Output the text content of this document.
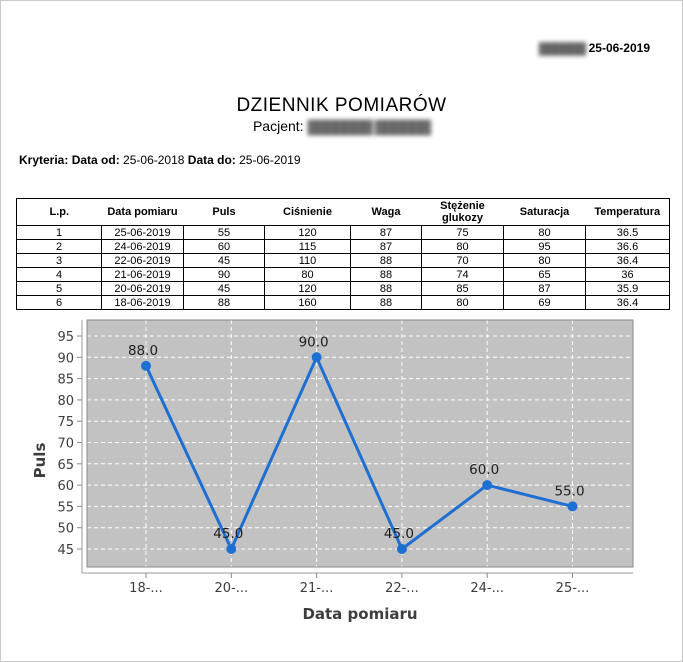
▓▓▓▓▓▓ 25-06-2019
DZIENNIK POMIARÓW
Pacjent: ▓▓▓▓▓▓▓ ▓▓▓▓▓▓
Kryteria: Data od: 25-06-2018 Data do: 25-06-2019
L.p.	Data pomiaru	Puls	Ciśnienie	Waga	Stężenie glukozy	Saturacja	Temperatura
1	25-06-2019	55	120	87	75	80	36.5
2	24-06-2019	60	115	87	80	95	36.6
3	22-06-2019	45	110	88	70	80	36.4
4	21-06-2019	90	80	88	74	65	36
5	20-06-2019	45	120	88	85	87	35.9
6	18-06-2019	88	160	88	80	69	36.4
45
50
55
60
65
70
75
80
85
90
95
18-...	20-...	21-...	22-...	24-...	25-...
88.0
45.0
90.0
45.0
60.0
55.0
Puls
Data pomiaru
